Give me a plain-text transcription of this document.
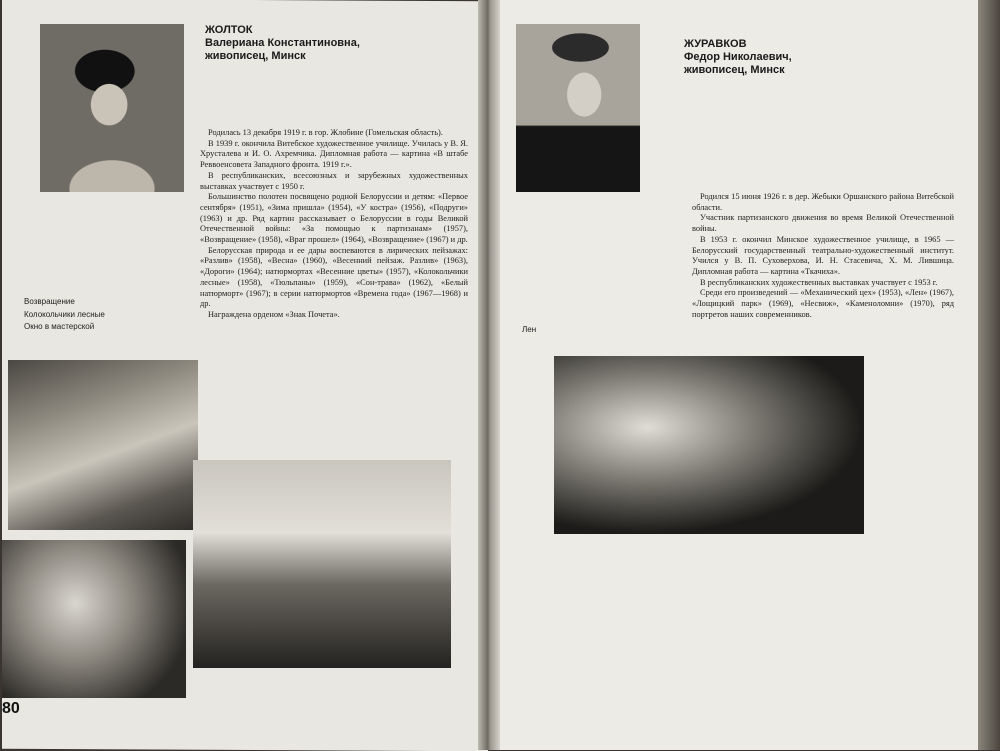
ЖОЛТОК
Валериана Константиновна,
живописец, Минск

Родилась 13 декабря 1919 г. в гор. Жлобине (Гомельская область).

В 1939 г. окончила Витебское художественное училище. Училась у В. Я. Хрусталева и И. О. Ахремчика. Дипломная работа — картина «В штабе Реввоенсовета Западного фронта. 1919 г.».

В республиканских, всесоюзных и зарубежных художественных выставках участвует с 1950 г.

Большинство полотен посвящено родной Белоруссии и детям: «Первое сентября» (1951), «Зима пришла» (1954), «У костра» (1956), «Подруги» (1963) и др. Ряд картин рассказывает о Белоруссии в годы Великой Отечественной войны: «За помощью к партизанам» (1957), «Возвращение» (1958), «Враг прошел» (1964), «Возвращение» (1967) и др.

Белорусская природа и ее дары воспеваются в лирических пейзажах: «Разлив» (1958), «Весна» (1960), «Весенний пейзаж. Разлив» (1963), «Дороги» (1964); натюрмортах «Весенние цветы» (1957), «Колокольчики лесные» (1958), «Тюльпаны» (1959), «Сон-трава» (1962), «Белый натюрморт» (1967); в серии натюрмортов «Времена года» (1967—1968) и др.

Награждена орденом «Знак Почета».

Возвращение
Колокольчики лесные
Окно в мастерской
80
ЖУРАВКОВ
Федор Николаевич,
живописец, Минск

Родился 15 июня 1926 г. в дер. Жебыки Оршанского района Витебской области.

Участник партизанского движения во время Великой Отечественной войны.

В 1953 г. окончил Минское художественное училище, в 1965 — Белорусский государственный театрально-художественный институт. Учился у В. П. Суховерхова, И. Н. Стасевича, Х. М. Лившица. Дипломная работа — картина «Ткачиха».

В республиканских художественных выставках участвует с 1953 г.

Среди его произведений — «Механический цех» (1953), «Лен» (1967), «Лощицкий парк» (1969), «Несвиж», «Каменоломни» (1970), ряд портретов наших современников.

Лен
